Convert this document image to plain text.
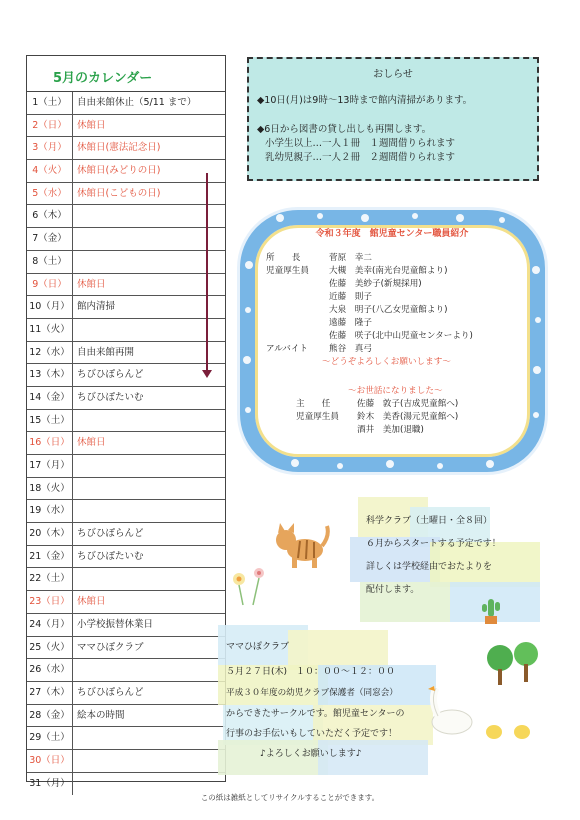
5月のカレンダー
1（土）	自由来館休止（5/11 まで）
2（日）	休館日
3（月）	休館日(憲法記念日)
4（火）	休館日(みどりの日)
5（水）	休館日(こどもの日)
6（木）
7（金）
8（土）
9（日）	休館日
10（月） 館内清掃
11（火）
12（水） 自由来館再開
13（木） ちびひぽらんど
14（金） ちびひぽたいむ
15（土）
16（日） 休館日
17（月）
18（火）
19（水）
20（木） ちびひぽらんど
21（金） ちびひぽたいむ
22（土）
23（日） 休館日
24（月） 小学校振替休業日
25（火） ママひぽクラブ
26（水）
27（木） ちびひぽらんど
28（金） 絵本の時間
29（土）
30（日）
31（月）
おしらせ

◆10日(月)は9時～13時まで館内清掃があります。

◆6日から図書の貸し出しも再開します。

小学生以上…一人１冊　１週間借りられます

乳幼児親子…一人２冊　２週間借りられます

令和３年度　館児童センター職員紹介
所　　長	菅原　幸二
児童厚生員 大槻　美幸(南光台児童館より)
佐藤　美紗子(新規採用)
近藤　則子
大泉　明子(八乙女児童館より)
遠藤　隆子
佐藤　咲子(北中山児童センターより)
アルバイト 熊谷　真弓
～どうぞよろしくお願いします～
～お世話になりました～
主　　任	佐藤　敦子(吉成児童館へ)
児童厚生員 鈴木　美香(湯元児童館へ)
酒井　美加(退職)
科学クラブ（土曜日・全８回）
６月からスタートする予定です！
詳しくは学校経由でおたよりを
配付します。
ママひぽクラブ
５月２７日(木)　１０：００～１２：００
平成３０年度の幼児クラブ保護者（同窓会）
からできたサークルです。館児童センターの
行事のお手伝いもしていただく予定です！
♪よろしくお願いします♪
この紙は雑紙としてリサイクルすることができます。
